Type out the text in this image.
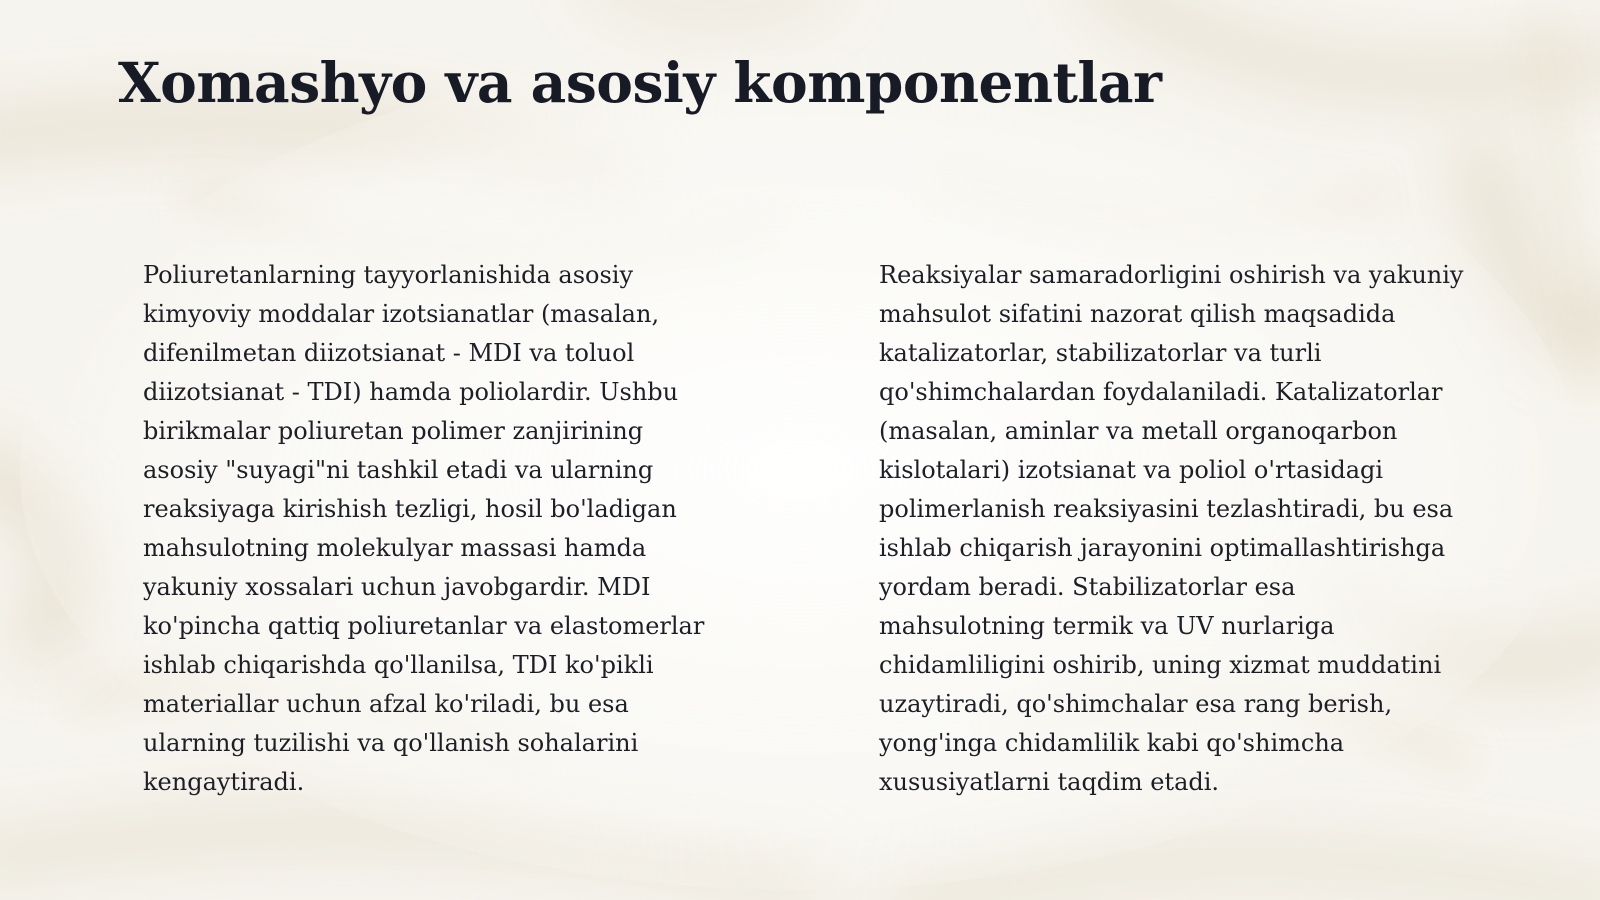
Xomashyo va asosiy komponentlar

Poliuretanlarning tayyorlanishida asosiy kimyoviy moddalar izotsianatlar (masalan, difenilmetan diizotsianat - MDI va toluol diizotsianat - TDI) hamda poliolardir. Ushbu birikmalar poliuretan polimer zanjirining asosiy "suyagi"ni tashkil etadi va ularning reaksiyaga kirishish tezligi, hosil bo'ladigan mahsulotning molekulyar massasi hamda yakuniy xossalari uchun javobgardir. MDI ko'pincha qattiq poliuretanlar va elastomerlar ishlab chiqarishda qo'llanilsa, TDI ko'pikli materiallar uchun afzal ko'riladi, bu esa ularning tuzilishi va qo'llanish sohalarini kengaytiradi.

Reaksiyalar samaradorligini oshirish va yakuniy mahsulot sifatini nazorat qilish maqsadida katalizatorlar, stabilizatorlar va turli qo'shimchalardan foydalaniladi. Katalizatorlar (masalan, aminlar va metall organoqarbon kislotalari) izotsianat va poliol o'rtasidagi polimerlanish reaksiyasini tezlashtiradi, bu esa ishlab chiqarish jarayonini optimallashtirishga yordam beradi. Stabilizatorlar esa mahsulotning termik va UV nurlariga chidamliligini oshirib, uning xizmat muddatini uzaytiradi, qo'shimchalar esa rang berish, yong'inga chidamlilik kabi qo'shimcha xususiyatlarni taqdim etadi.
